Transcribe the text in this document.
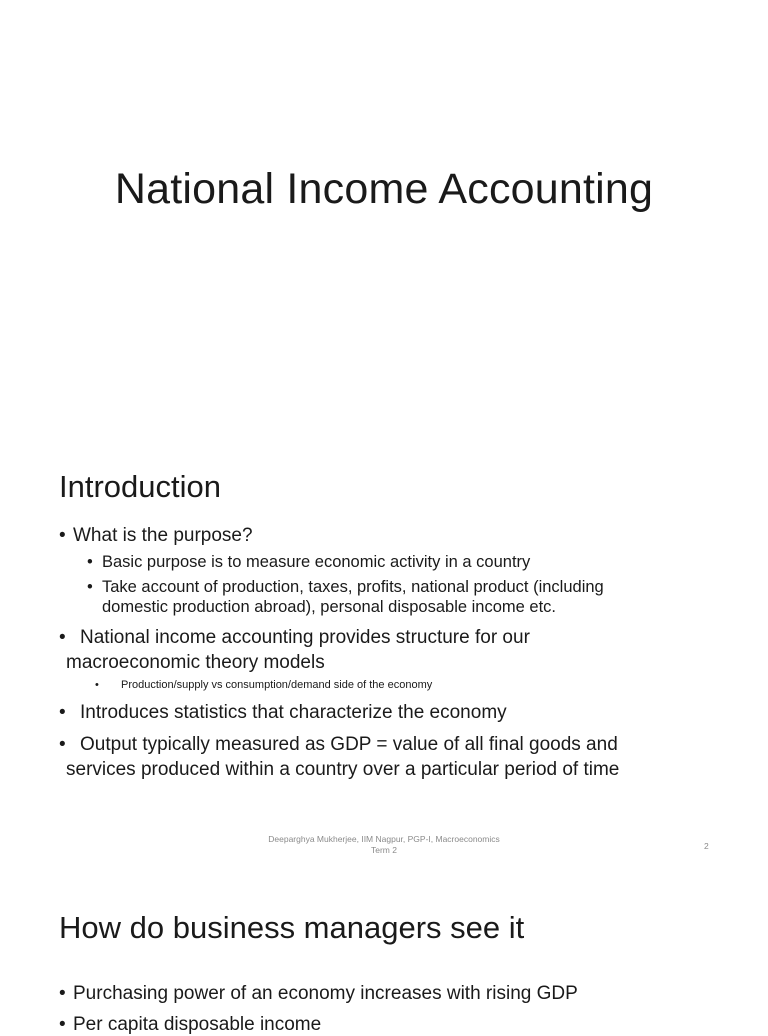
National Income Accounting
Introduction
• What is the purpose?
• Basic purpose is to measure economic activity in a country
• Take account of production, taxes, profits, national product (including
domestic production abroad), personal disposable income etc.
• National income accounting provides structure for our
macroeconomic theory models
• Production/supply vs consumption/demand side of the economy
• Introduces statistics that characterize the economy
• Output typically measured as GDP = value of all final goods and
services produced within a country over a particular period of time
Deeparghya Mukherjee, IIM Nagpur, PGP-I, Macroeconomics
Term 2	2
How do business managers see it
• Purchasing power of an economy increases with rising GDP
• Per capita disposable income
